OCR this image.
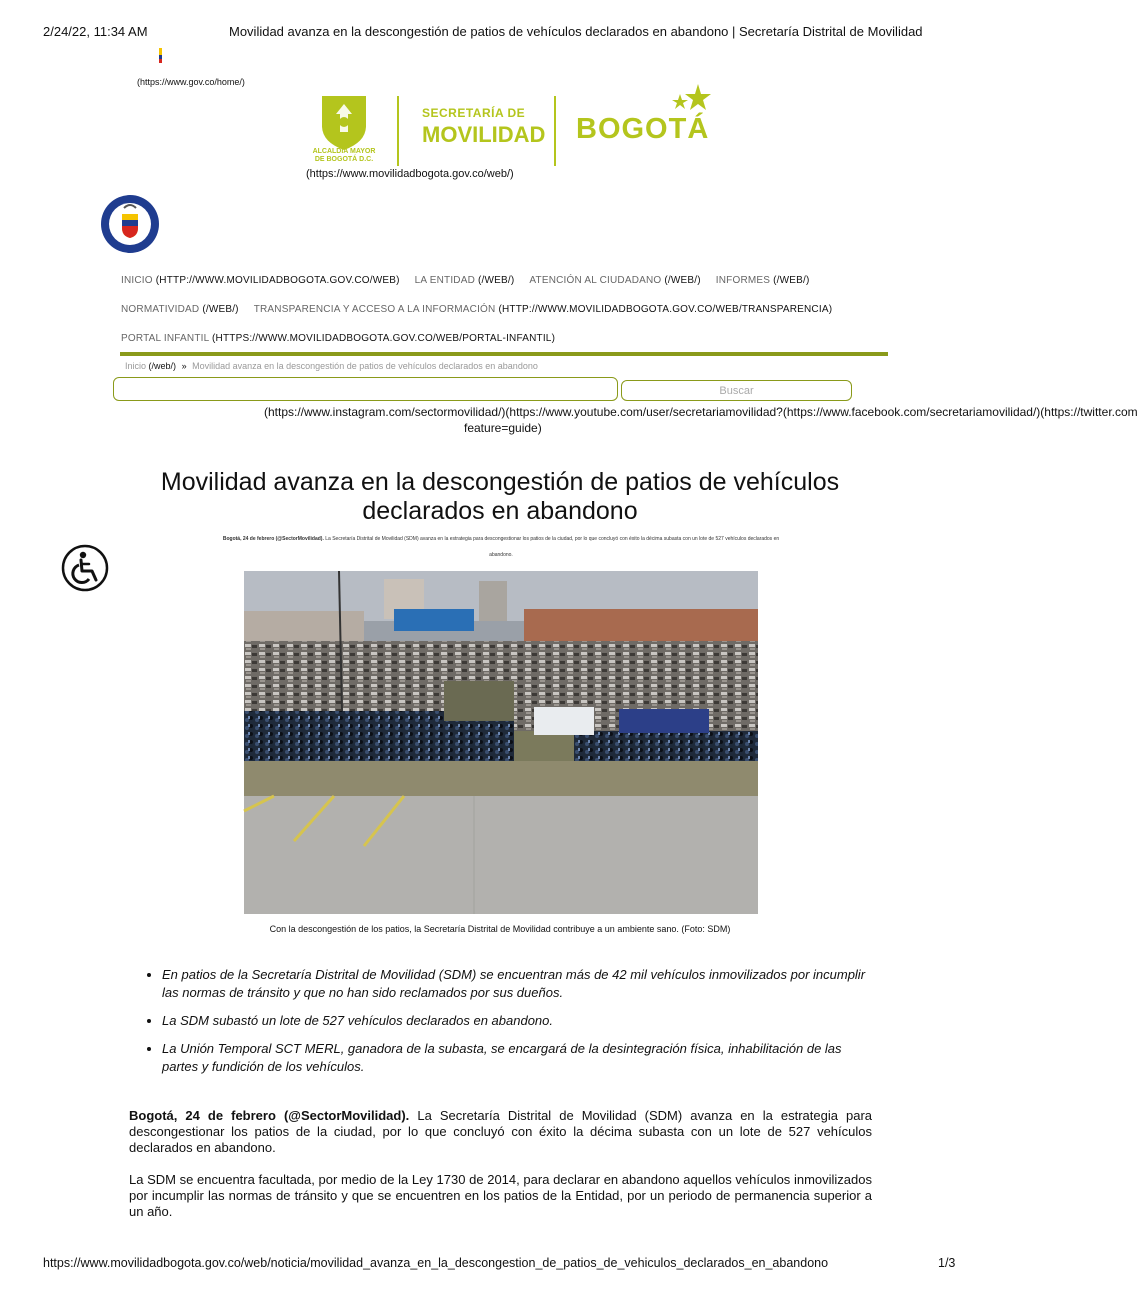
2/24/22, 11:34 AM	Movilidad avanza en la descongestión de patios de vehículos declarados en abandono | Secretaría Distrital de Movilidad
(https://www.gov.co/home/)
ALCALDÍA MAYOR
DE BOGOTÁ D.C.
SECRETARÍA DE
MOVILIDAD BOGOTÁ
(https://www.movilidadbogota.gov.co/web/)
INICIO (HTTP://WWW.MOVILIDADBOGOTA.GOV.CO/WEB) LA ENTIDAD (/WEB/) ATENCIÓN AL CIUDADANO (/WEB/) INFORMES (/WEB/)
NORMATIVIDAD (/WEB/) TRANSPARENCIA Y ACCESO A LA INFORMACIÓN (HTTP://WWW.MOVILIDADBOGOTA.GOV.CO/WEB/TRANSPARENCIA)
PORTAL INFANTIL (HTTPS://WWW.MOVILIDADBOGOTA.GOV.CO/WEB/PORTAL-INFANTIL)
Inicio (/web/) » Movilidad avanza en la descongestión de patios de vehículos declarados en abandono
Buscar
(https://www.instagram.com/sectormovilidad/)(https://www.youtube.com/user/secretariamovilidad?(https://www.facebook.com/secretariamovilidad/)(https://twitter.com
feature=guide)
Movilidad avanza en la descongestión de patios de vehículos declarados en abandono
Bogotá, 24 de febrero (@SectorMovilidad). La Secretaría Distrital de Movilidad (SDM) avanza en la estrategia para descongestionar los patios de la ciudad, por lo que concluyó con éxito la décima subasta con un lote de 527 vehículos declarados en
abandono.
Con la descongestión de los patios, la Secretaría Distrital de Movilidad contribuye a un ambiente sano. (Foto: SDM)
• En patios de la Secretaría Distrital de Movilidad (SDM) se encuentran más de 42 mil vehículos inmovilizados por incumplir las normas de tránsito y que no han sido reclamados por sus dueños.
• La SDM subastó un lote de 527 vehículos declarados en abandono.
• La Unión Temporal SCT MERL, ganadora de la subasta, se encargará de la desintegración física, inhabilitación de las partes y fundición de los vehículos.

Bogotá, 24 de febrero (@SectorMovilidad). La Secretaría Distrital de Movilidad (SDM) avanza en la estrategia para descongestionar los patios de la ciudad, por lo que concluyó con éxito la décima subasta con un lote de 527 vehículos declarados en abandono.

La SDM se encuentra facultada, por medio de la Ley 1730 de 2014, para declarar en abandono aquellos vehículos inmovilizados por incumplir las normas de tránsito y que se encuentren en los patios de la Entidad, por un periodo de permanencia superior a un año.

https://www.movilidadbogota.gov.co/web/noticia/movilidad_avanza_en_la_descongestion_de_patios_de_vehiculos_declarados_en_abandono	1/3
